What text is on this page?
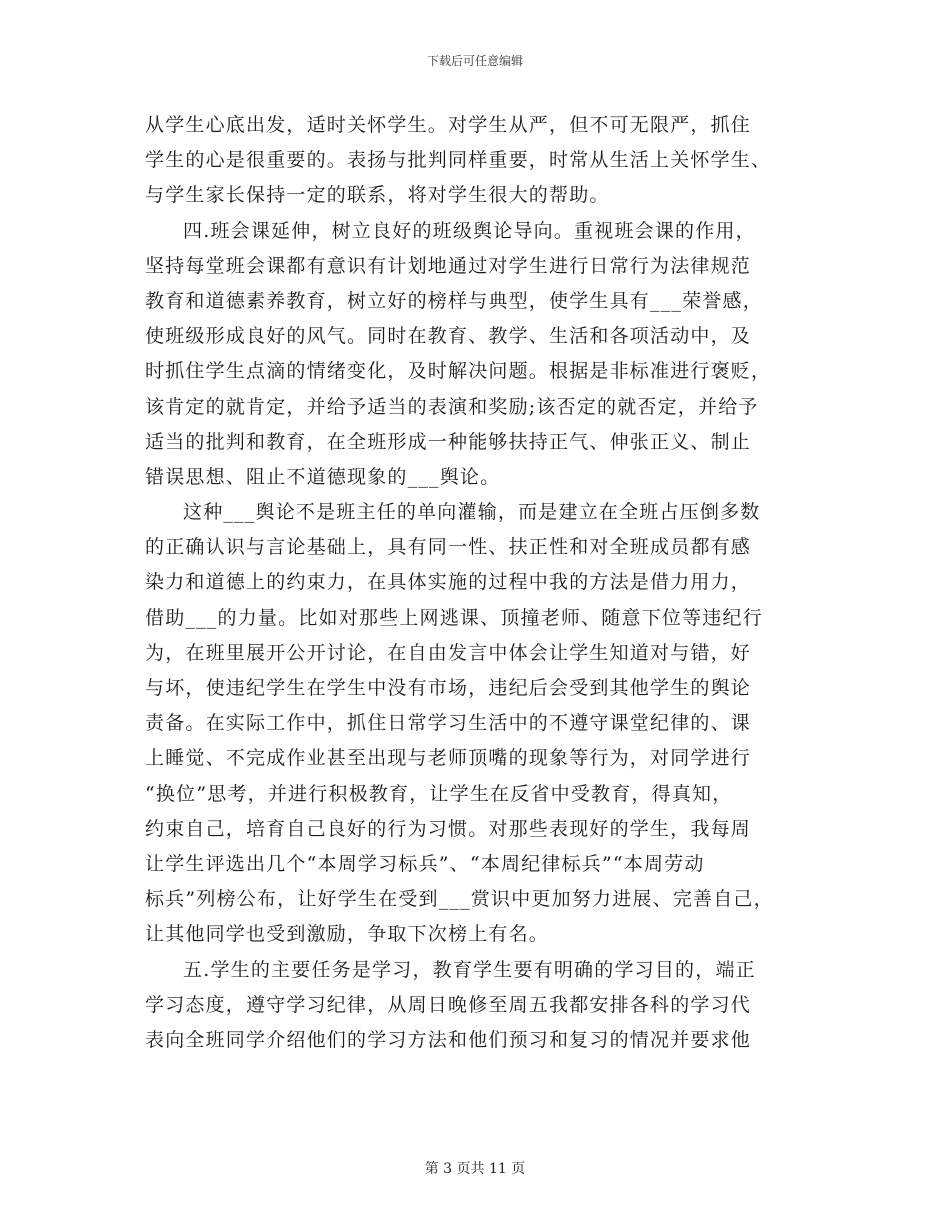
下载后可任意编辑
从学生心底出发，适时关怀学生。对学生从严，但不可无限严，抓住
学生的心是很重要的。表扬与批判同样重要，时常从生活上关怀学生、
与学生家长保持一定的联系，将对学生很大的帮助。
四.班会课延伸，树立良好的班级舆论导向。重视班会课的作用，
坚持每堂班会课都有意识有计划地通过对学生进行日常行为法律规范
教育和道德素养教育，树立好的榜样与典型，使学生具有___荣誉感，
使班级形成良好的风气。同时在教育、教学、生活和各项活动中，及
时抓住学生点滴的情绪变化，及时解决问题。根据是非标准进行褒贬，
该肯定的就肯定，并给予适当的表演和奖励;该否定的就否定，并给予
适当的批判和教育，在全班形成一种能够扶持正气、伸张正义、制止
错误思想、阻止不道德现象的___舆论。
这种___舆论不是班主任的单向灌输，而是建立在全班占压倒多数
的正确认识与言论基础上，具有同一性、扶正性和对全班成员都有感
染力和道德上的约束力，在具体实施的过程中我的方法是借力用力，
借助___的力量。比如对那些上网逃课、顶撞老师、随意下位等违纪行
为，在班里展开公开讨论，在自由发言中体会让学生知道对与错，好
与坏，使违纪学生在学生中没有市场，违纪后会受到其他学生的舆论
责备。在实际工作中，抓住日常学习生活中的不遵守课堂纪律的、课
上睡觉、不完成作业甚至出现与老师顶嘴的现象等行为，对同学进行
“换位”思考，并进行积极教育，让学生在反省中受教育，得真知，
约束自己，培育自己良好的行为习惯。对那些表现好的学生，我每周
让学生评选出几个“本周学习标兵”、“本周纪律标兵”“本周劳动
标兵”列榜公布，让好学生在受到___赏识中更加努力进展、完善自己，
让其他同学也受到激励，争取下次榜上有名。
五.学生的主要任务是学习，教育学生要有明确的学习目的，端正
学习态度，遵守学习纪律，从周日晚修至周五我都安排各科的学习代
表向全班同学介绍他们的学习方法和他们预习和复习的情况并要求他
第 3 页共 11 页
